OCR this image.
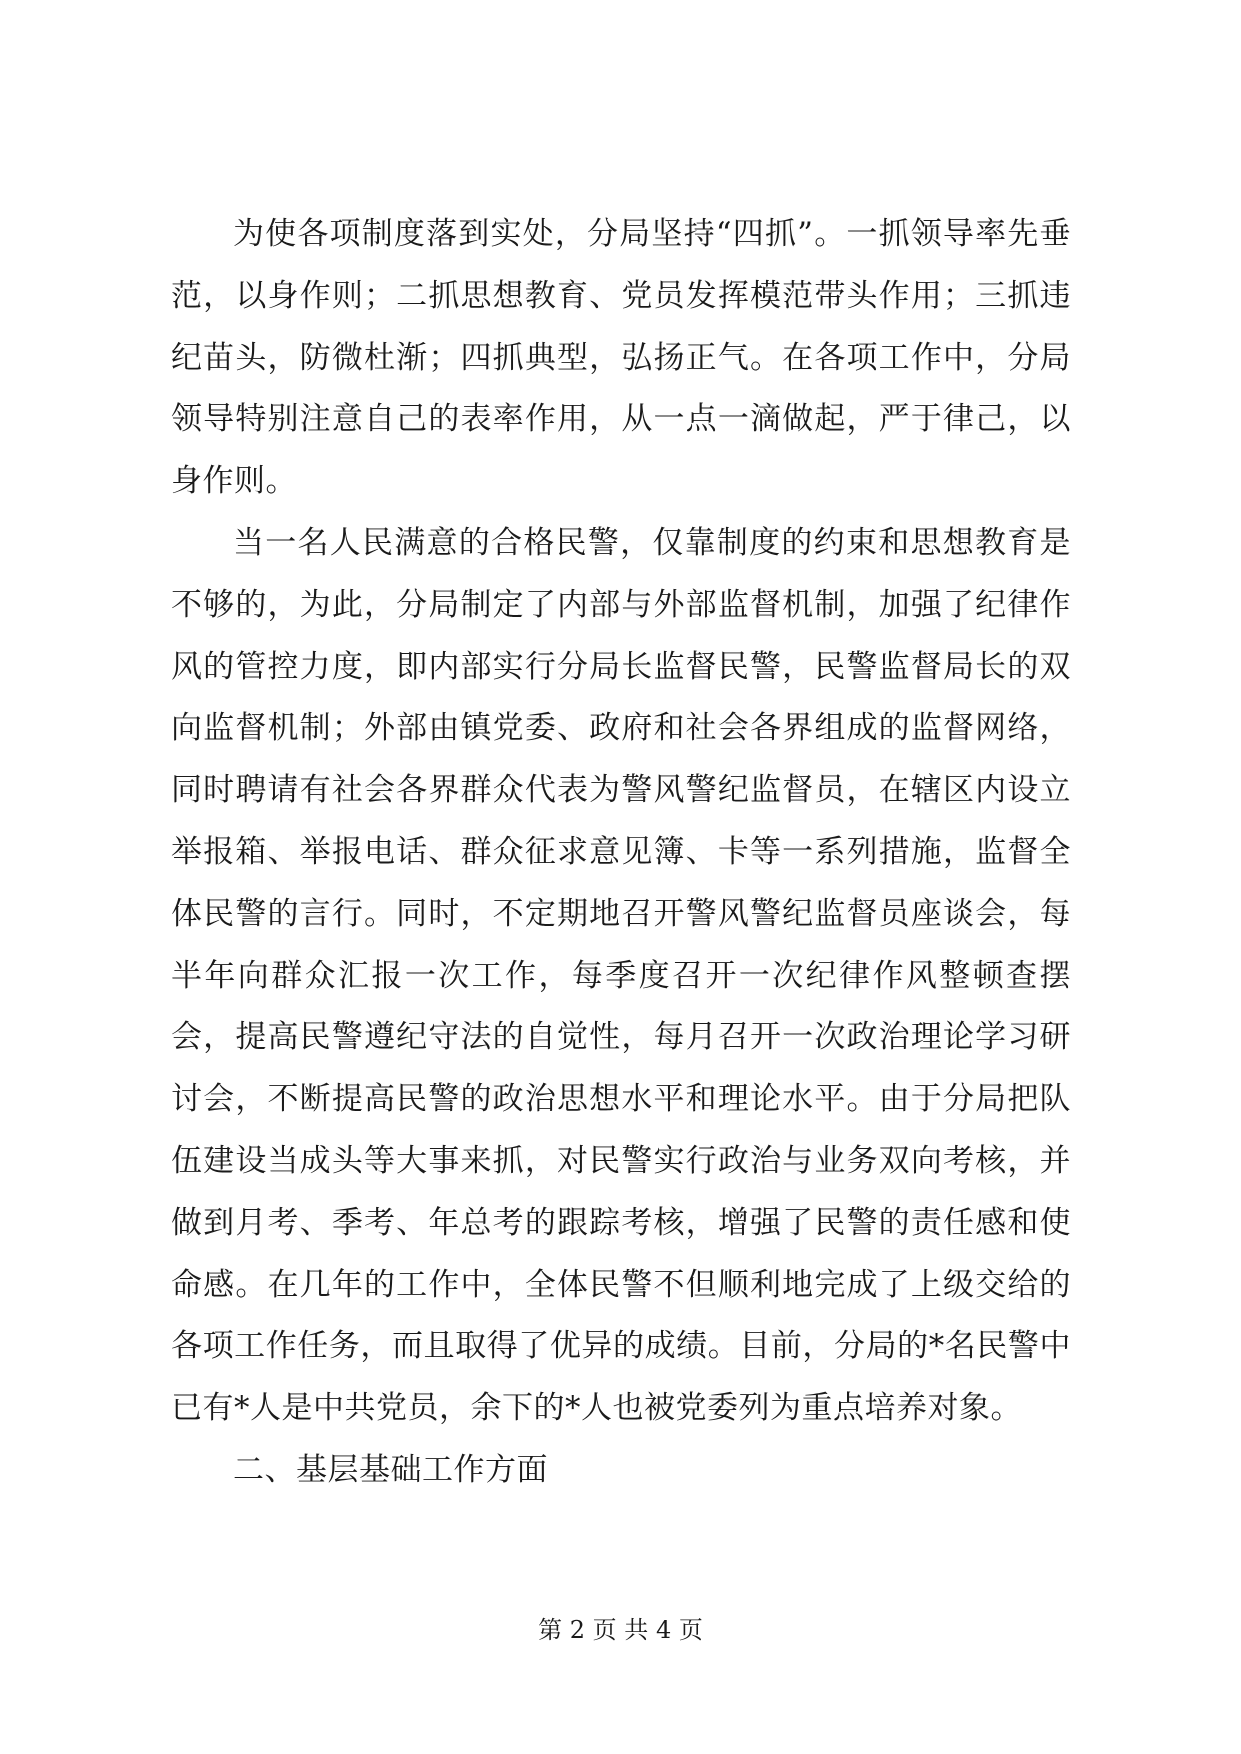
为使各项制度落到实处，分局坚持“四抓”。一抓领导率先垂范，以身作则；二抓思想教育、党员发挥模范带头作用；三抓违纪苗头，防微杜渐；四抓典型，弘扬正气。在各项工作中，分局领导特别注意自己的表率作用，从一点一滴做起，严于律己，以身作则。

当一名人民满意的合格民警，仅靠制度的约束和思想教育是不够的，为此，分局制定了内部与外部监督机制，加强了纪律作风的管控力度，即内部实行分局长监督民警，民警监督局长的双向监督机制；外部由镇党委、政府和社会各界组成的监督网络，同时聘请有社会各界群众代表为警风警纪监督员，在辖区内设立举报箱、举报电话、群众征求意见簿、卡等一系列措施，监督全体民警的言行。同时，不定期地召开警风警纪监督员座谈会，每半年向群众汇报一次工作，每季度召开一次纪律作风整顿查摆会，提高民警遵纪守法的自觉性，每月召开一次政治理论学习研讨会，不断提高民警的政治思想水平和理论水平。由于分局把队伍建设当成头等大事来抓，对民警实行政治与业务双向考核，并做到月考、季考、年总考的跟踪考核，增强了民警的责任感和使命感。在几年的工作中，全体民警不但顺利地完成了上级交给的各项工作任务，而且取得了优异的成绩。目前，分局的*名民警中已有*人是中共党员，余下的*人也被党委列为重点培养对象。

二、基层基础工作方面

第 2 页 共 4 页
